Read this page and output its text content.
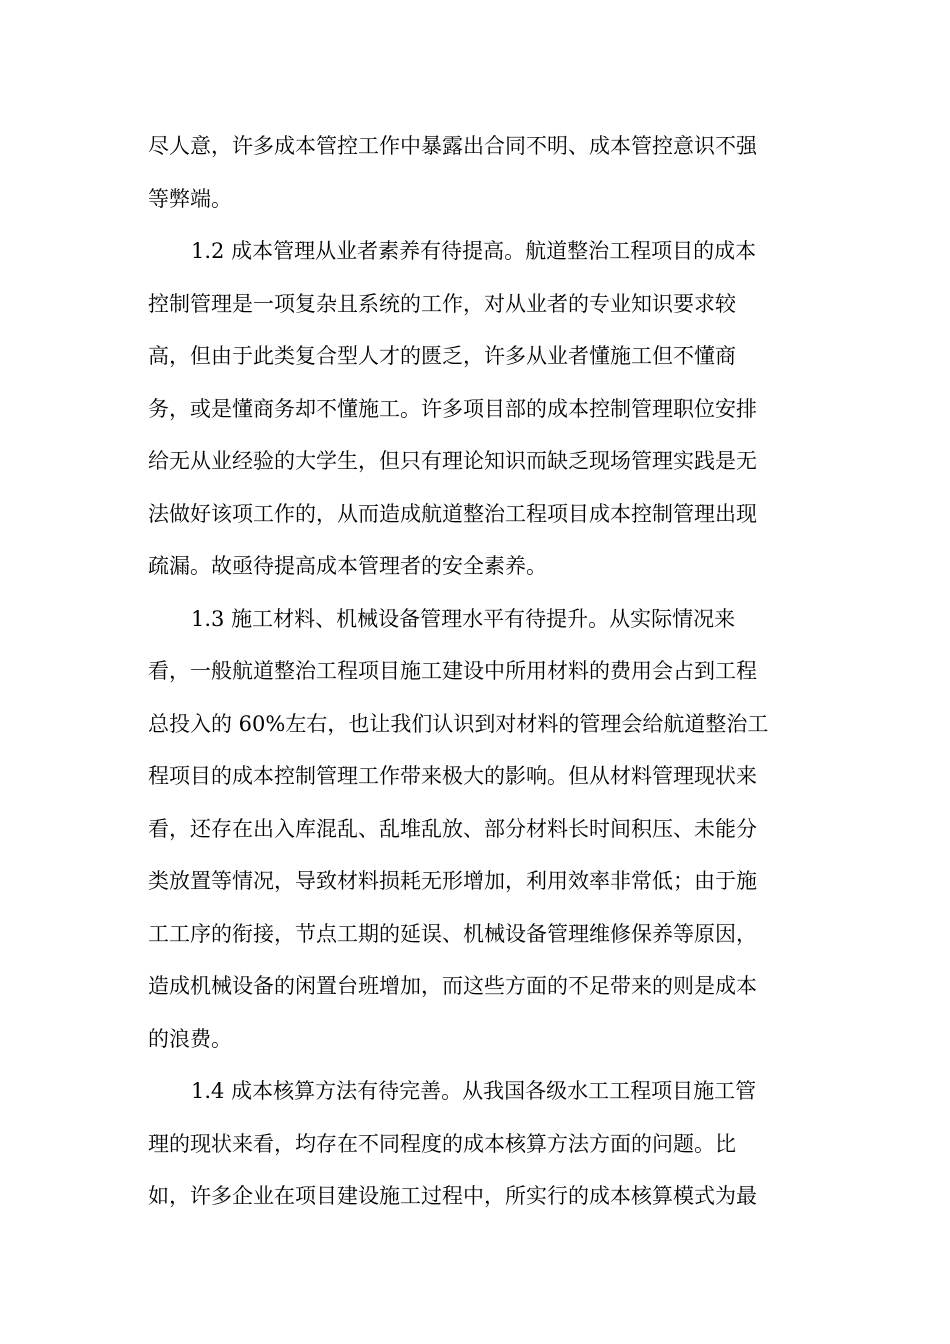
尽人意，许多成本管控工作中暴露出合同不明、成本管控意识不强
等弊端。
1.2 成本管理从业者素养有待提高。航道整治工程项目的成本
控制管理是一项复杂且系统的工作，对从业者的专业知识要求较
高，但由于此类复合型人才的匮乏，许多从业者懂施工但不懂商
务，或是懂商务却不懂施工。许多项目部的成本控制管理职位安排
给无从业经验的大学生，但只有理论知识而缺乏现场管理实践是无
法做好该项工作的，从而造成航道整治工程项目成本控制管理出现
疏漏。故亟待提高成本管理者的安全素养。
1.3 施工材料、机械设备管理水平有待提升。从实际情况来
看，一般航道整治工程项目施工建设中所用材料的费用会占到工程
总投入的 60%左右，也让我们认识到对材料的管理会给航道整治工
程项目的成本控制管理工作带来极大的影响。但从材料管理现状来
看，还存在出入库混乱、乱堆乱放、部分材料长时间积压、未能分
类放置等情况，导致材料损耗无形增加，利用效率非常低；由于施
工工序的衔接，节点工期的延误、机械设备管理维修保养等原因，
造成机械设备的闲置台班增加，而这些方面的不足带来的则是成本
的浪费。
1.4 成本核算方法有待完善。从我国各级水工工程项目施工管
理的现状来看，均存在不同程度的成本核算方法方面的问题。比
如，许多企业在项目建设施工过程中，所实行的成本核算模式为最
